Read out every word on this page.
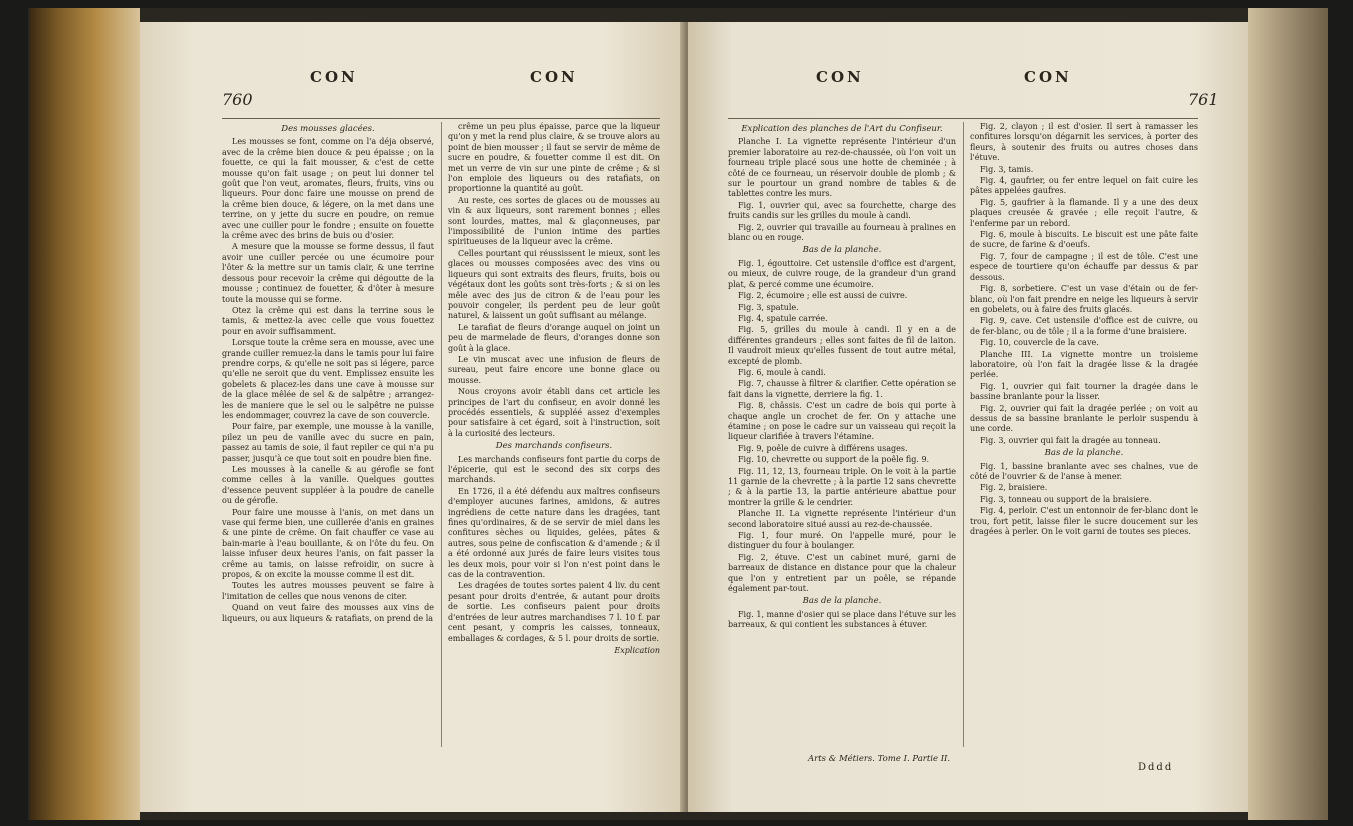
760
CON	CON
Des mousses glacées.

Les mousses se font, comme on l'a déja observé, avec de la crême bien douce & peu épaisse ; on la fouette, ce qui la fait mousser, & c'est de cette mousse qu'on fait usage ; on peut lui donner tel goût que l'on veut, aromates, fleurs, fruits, vins ou liqueurs. Pour donc faire une mousse on prend de la crême bien douce, & légere, on la met dans une terrine, on y jette du sucre en poudre, on remue avec une cuiller pour le fondre ; ensuite on fouette la crême avec des brins de buis ou d'osier.

A mesure que la mousse se forme dessus, il faut avoir une cuiller percée ou une écumoire pour l'ôter & la mettre sur un tamis clair, & une terrine dessous pour recevoir la crême qui dégoutte de la mousse ; continuez de fouetter, & d'ôter à mesure toute la mousse qui se forme.

Otez la crême qui est dans la terrine sous le tamis, & mettez-la avec celle que vous fouettez pour en avoir suffisamment.

Lorsque toute la crême sera en mousse, avec une grande cuiller remuez-la dans le tamis pour lui faire prendre corps, & qu'elle ne soit pas si légere, parce qu'elle ne seroit que du vent. Emplissez ensuite les gobelets & placez-les dans une cave à mousse sur de la glace mêlée de sel & de salpêtre ; arrangez-les de maniere que le sel ou le salpêtre ne puisse les endommager, couvrez la cave de son couvercle.

Pour faire, par exemple, une mousse à la vanille, pilez un peu de vanille avec du sucre en pain, passez au tamis de soie, il faut repiler ce qui n'a pu passer, jusqu'à ce que tout soit en poudre bien fine.

Les mousses à la canelle & au gérofle se font comme celles à la vanille. Quelques gouttes d'essence peuvent suppléer à la poudre de canelle ou de gérofle.

Pour faire une mousse à l'anis, on met dans un vase qui ferme bien, une cuillerée d'anis en graines & une pinte de crême. On fait chauffer ce vase au bain-marie à l'eau bouillante, & on l'ôte du feu. On laisse infuser deux heures l'anis, on fait passer la crême au tamis, on laisse refroidir, on sucre à propos, & on excite la mousse comme il est dit.

Toutes les autres mousses peuvent se faire à l'imitation de celles que nous venons de citer.

Quand on veut faire des mousses aux vins de liqueurs, ou aux liqueurs & ratafiats, on prend de la

crême un peu plus épaisse, parce que la liqueur qu'on y met la rend plus claire, & se trouve alors au point de bien mousser ; il faut se servir de même de sucre en poudre, & fouetter comme il est dit. On met un verre de vin sur une pinte de crême ; & si l'on emploie des liqueurs ou des ratafiats, on proportionne la quantité au goût.

Au reste, ces sortes de glaces ou de mousses au vin & aux liqueurs, sont rarement bonnes ; elles sont lourdes, mattes, mal & glaçonneuses, par l'impossibilité de l'union intime des parties spiritueuses de la liqueur avec la crême.

Celles pourtant qui réussissent le mieux, sont les glaces ou mousses composées avec des vins ou liqueurs qui sont extraits des fleurs, fruits, bois ou végétaux dont les goûts sont très-forts ; & si on les mêle avec des jus de citron & de l'eau pour les pouvoir congeler, ils perdent peu de leur goût naturel, & laissent un goût suffisant au mélange.

Le tarafiat de fleurs d'orange auquel on joint un peu de marmelade de fleurs, d'oranges donne son goût à la glace.

Le vin muscat avec une infusion de fleurs de sureau, peut faire encore une bonne glace ou mousse.

Nous croyons avoir établi dans cet article les principes de l'art du confiseur, en avoir donné les procédés essentiels, & suppléé assez d'exemples pour satisfaire à cet égard, soit à l'instruction, soit à la curiosité des lecteurs.

Des marchands confiseurs.

Les marchands confiseurs font partie du corps de l'épicerie, qui est le second des six corps des marchands.

En 1726, il a été défendu aux maîtres confiseurs d'employer aucunes farines, amidons, & autres ingrédiens de cette nature dans les dragées, tant fines qu'ordinaires, & de se servir de miel dans les confitures sèches ou liquides, gelées, pâtes & autres, sous peine de confiscation & d'amende ; & il a été ordonné aux jurés de faire leurs visites tous les deux mois, pour voir si l'on n'est point dans le cas de la contravention.

Les dragées de toutes sortes paient 4 liv. du cent pesant pour droits d'entrée, & autant pour droits de sortie. Les confiseurs paient pour droits d'entrées de leur autres marchandises 7 l. 10 f. par cent pesant, y compris les caisses, tonneaux, emballages & cordages, & 5 l. pour droits de sortie.

Explication
CON	CON
761
Explication des planches de l'Art du Confiseur.

Planche I. La vignette représente l'intérieur d'un premier laboratoire au rez-de-chaussée, où l'on voit un fourneau triple placé sous une hotte de cheminée ; à côté de ce fourneau, un réservoir double de plomb ; & sur le pourtour un grand nombre de tables & de tablettes contre les murs.

Fig. 1, ouvrier qui, avec sa fourchette, charge des fruits candis sur les grilles du moule à candi.

Fig. 2, ouvrier qui travaille au fourneau à pralines en blanc ou en rouge.

Bas de la planche.

Fig. 1, égouttoire. Cet ustensile d'office est d'argent, ou mieux, de cuivre rouge, de la grandeur d'un grand plat, & percé comme une écumoire.

Fig. 2, écumoire ; elle est aussi de cuivre.

Fig. 3, spatule.

Fig. 4, spatule carrée.

Fig. 5, grilles du moule à candi. Il y en a de différentes grandeurs ; elles sont faites de fil de laiton. Il vaudroit mieux qu'elles fussent de tout autre métal, excepté de plomb.

Fig. 6, moule à candi.

Fig. 7, chausse à filtrer & clarifier. Cette opération se fait dans la vignette, derriere la fig. 1.

Fig. 8, châssis. C'est un cadre de bois qui porte à chaque angle un crochet de fer. On y attache une étamine ; on pose le cadre sur un vaisseau qui reçoit la liqueur clarifiée à travers l'étamine.

Fig. 9, poêle de cuivre à différens usages.

Fig. 10, chevrette ou support de la poêle fig. 9.

Fig. 11, 12, 13, fourneau triple. On le voit à la partie 11 garnie de la chevrette ; à la partie 12 sans chevrette ; & à la partie 13, la partie antérieure abattue pour montrer la grille & le cendrier.

Planche II. La vignette représente l'intérieur d'un second laboratoire situé aussi au rez-de-chaussée.

Fig. 1, four muré. On l'appelle muré, pour le distinguer du four à boulanger.

Fig. 2, étuve. C'est un cabinet muré, garni de barreaux de distance en distance pour que la chaleur que l'on y entretient par un poêle, se répande également par-tout.

Bas de la planche.

Fig. 1, manne d'osier qui se place dans l'étuve sur les barreaux, & qui contient les substances à étuver.

Arts & Métiers. Tome I. Partie II.

Fig. 2, clayon ; il est d'osier. Il sert à ramasser les confitures lorsqu'on dégarnit les services, à porter des fleurs, à soutenir des fruits ou autres choses dans l'étuve.

Fig. 3, tamis.

Fig. 4, gaufrier, ou fer entre lequel on fait cuire les pâtes appelées gaufres.

Fig. 5, gaufrier à la flamande. Il y a une des deux plaques creusée & gravée ; elle reçoit l'autre, & l'enferme par un rebord.

Fig. 6, moule à biscuits. Le biscuit est une pâte faite de sucre, de farine & d'oeufs.

Fig. 7, four de campagne ; il est de tôle. C'est une espece de tourtiere qu'on échauffe par dessus & par dessous.

Fig. 8, sorbetiere. C'est un vase d'étain ou de fer-blanc, où l'on fait prendre en neige les liqueurs à servir en gobelets, ou à faire des fruits glacés.

Fig. 9, cave. Cet ustensile d'office est de cuivre, ou de fer-blanc, ou de tôle ; il a la forme d'une braisiere.

Fig. 10, couvercle de la cave.

Planche III. La vignette montre un troisieme laboratoire, où l'on fait la dragée lisse & la dragée perlée.

Fig. 1, ouvrier qui fait tourner la dragée dans le bassine branlante pour la lisser.

Fig. 2, ouvrier qui fait la dragée perlée ; on voit au dessus de sa bassine branlante le perloir suspendu à une corde.

Fig. 3, ouvrier qui fait la dragée au tonneau.

Bas de la planche.

Fig. 1, bassine branlante avec ses chaînes, vue de côté de l'ouvrier & de l'anse à mener.

Fig. 2, braisiere.

Fig. 3, tonneau ou support de la braisiere.

Fig. 4, perloir. C'est un entonnoir de fer-blanc dont le trou, fort petit, laisse filer le sucre doucement sur les dragées à perler. On le voit garni de toutes ses pieces.

Dddd
